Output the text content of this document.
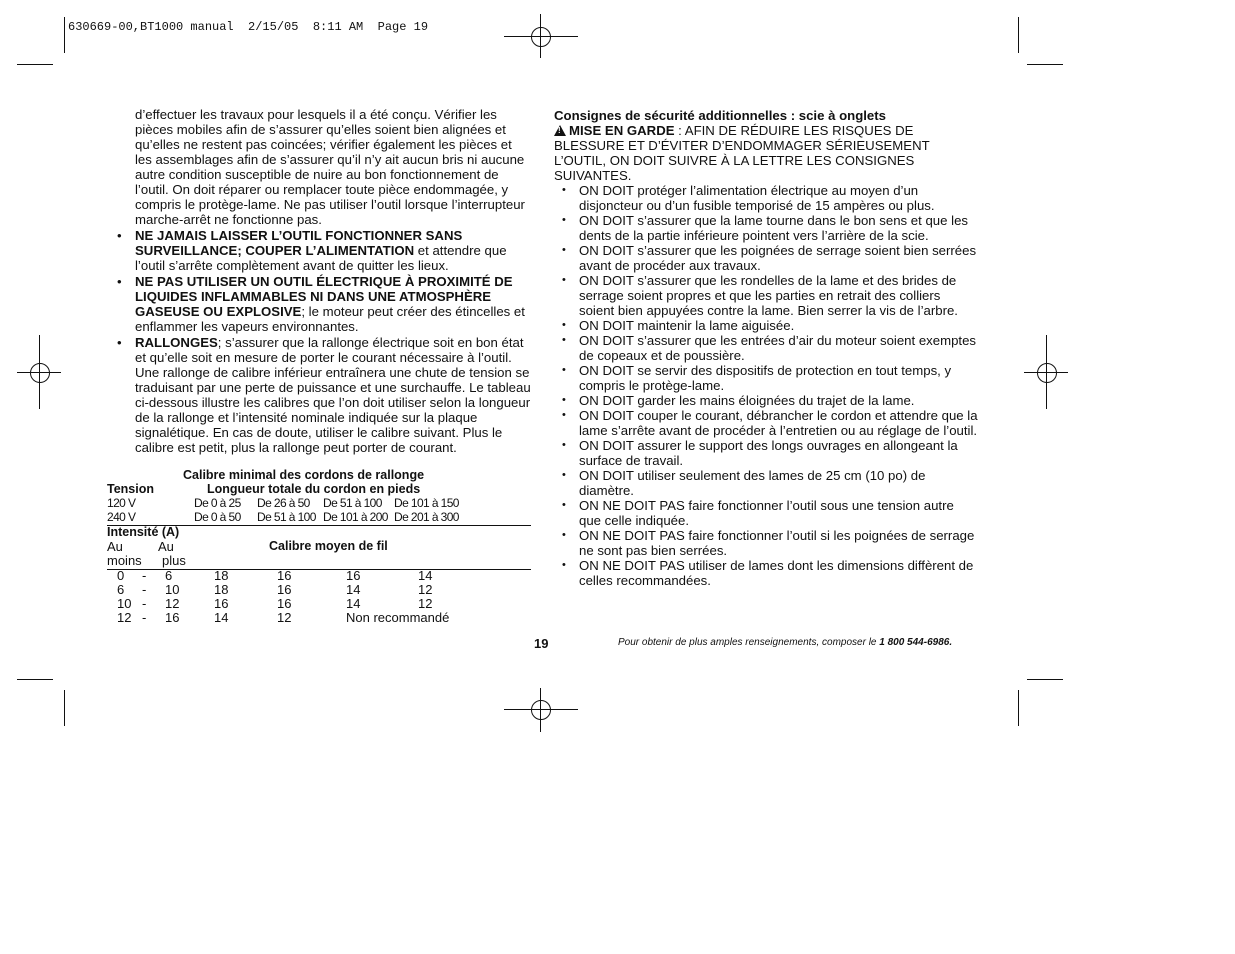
630669-00,BT1000 manual  2/15/05  8:11 AM  Page 19

d’effectuer les travaux pour lesquels il a été conçu. Vérifier les pièces mobiles afin de s’assurer qu’elles soient bien alignées et qu’elles ne restent pas coincées; vérifier également les pièces et les assemblages afin de s’assurer qu’il n’y ait aucun bris ni aucune autre condition susceptible de nuire au bon fonctionnement de l’outil. On doit réparer ou remplacer toute pièce endommagée, y compris le protège-lame. Ne pas utiliser l’outil lorsque l’interrupteur marche-arrêt ne fonctionne pas.

• NE JAMAIS LAISSER L’OUTIL FONCTIONNER SANS SURVEILLANCE; COUPER L’ALIMENTATION et attendre que l’outil s’arrête complètement avant de quitter les lieux.

• NE PAS UTILISER UN OUTIL ÉLECTRIQUE À PROXIMITÉ DE LIQUIDES INFLAMMABLES NI DANS UNE ATMOSPHÈRE GASEUSE OU EXPLOSIVE; le moteur peut créer des étincelles et enflammer les vapeurs environnantes.

• RALLONGES; s’assurer que la rallonge électrique soit en bon état et qu’elle soit en mesure de porter le courant nécessaire à l’outil. Une rallonge de calibre inférieur entraînera une chute de tension se traduisant par une perte de puissance et une surchauffe. Le tableau ci-dessous illustre les calibres que l’on doit utiliser selon la longueur de la rallonge et l’intensité nominale indiquée sur la plaque signalétique. En cas de doute, utiliser le calibre suivant. Plus le calibre est petit, plus la rallonge peut porter de courant.

Calibre minimal des cordons de rallonge
Tension	Longueur totale du cordon en pieds
120 V	De 0 à 25 De 26 à 50 De 51 à 100 De 101 à 150
240 V	De 0 à 50 De 51 à 100 De 101 à 200 De 201 à 300
Intensité (A)
Au	Au	Calibre moyen de fil
moins plus
0 - 6	18	16	16	14
6 - 10	18	16	14	12
10 - 12	16	16	14	12
12 - 16	14	12	Non recommandé

Consignes de sécurité additionnelles : scie à onglets

!MISE EN GARDE : AFIN DE RÉDUIRE LES RISQUES DE BLESSURE ET D’ÉVITER D’ENDOMMAGER SÉRIEUSEMENT L’OUTIL, ON DOIT SUIVRE À LA LETTRE LES CONSIGNES SUIVANTES.

• ON DOIT protéger l’alimentation électrique au moyen d’un disjoncteur ou d’un fusible temporisé de 15 ampères ou plus.

• ON DOIT s’assurer que la lame tourne dans le bon sens et que les dents de la partie inférieure pointent vers l’arrière de la scie.

• ON DOIT s’assurer que les poignées de serrage soient bien serrées avant de procéder aux travaux.

• ON DOIT s’assurer que les rondelles de la lame et des brides de serrage soient propres et que les parties en retrait des colliers soient bien appuyées contre la lame. Bien serrer la vis de l’arbre.

• ON DOIT maintenir la lame aiguisée.

• ON DOIT s’assurer que les entrées d’air du moteur soient exemptes de copeaux et de poussière.

• ON DOIT se servir des dispositifs de protection en tout temps, y compris le protège-lame.

• ON DOIT garder les mains éloignées du trajet de la lame.

• ON DOIT couper le courant, débrancher le cordon et attendre que la lame s’arrête avant de procéder à l’entretien ou au réglage de l’outil.

• ON DOIT assurer le support des longs ouvrages en allongeant la surface de travail.

• ON DOIT utiliser seulement des lames de 25 cm (10 po) de diamètre.

• ON NE DOIT PAS faire fonctionner l’outil sous une tension autre que celle indiquée.

• ON NE DOIT PAS faire fonctionner l’outil si les poignées de serrage ne sont pas bien serrées.

• ON NE DOIT PAS utiliser de lames dont les dimensions diffèrent de celles recommandées.

19	Pour obtenir de plus amples renseignements, composer le 1 800 544-6986.
